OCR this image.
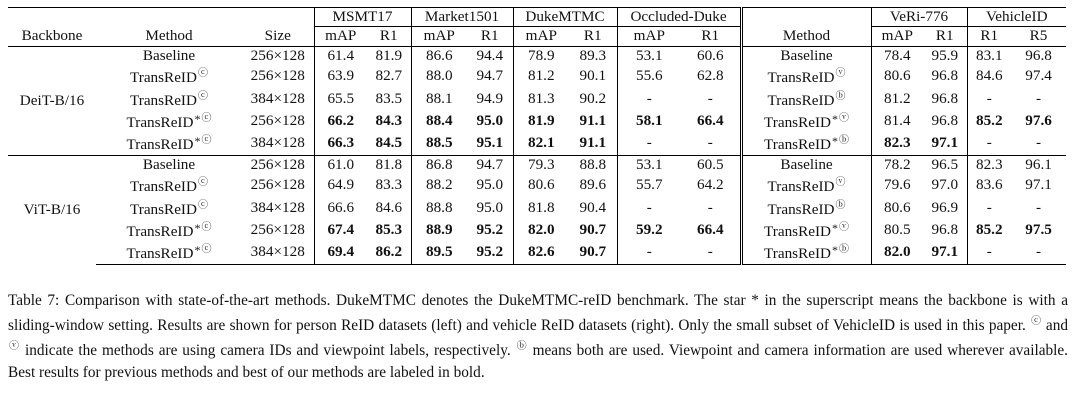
			MSMT17		Market1501		DukeMTMC		Occluded-Duke			VeRi-776		VehicleID	
Backbone	Method	Size	mAP	R1	mAP	R1	mAP	R1	mAP	R1	Method	mAP	R1	R1	R5
DeiT-B/16	Baseline	256×128	61.4	81.9	86.6	94.4	78.9	89.3	53.1	60.6	Baseline	78.4	95.9	83.1	96.8
	TransReIDⓒ	256×128	63.9	82.7	88.0	94.7	81.2	90.1	55.6	62.8	TransReIDⓥ	80.6	96.8	84.6	97.4
	TransReIDⓒ	384×128	65.5	83.5	88.1	94.9	81.3	90.2	-	-	TransReIDⓑ	81.2	96.8	-	-
	TransReID*ⓒ	256×128	66.2	84.3	88.4	95.0	81.9	91.1	58.1	66.4	TransReID*ⓥ	81.4	96.8	85.2	97.6
	TransReID*ⓒ	384×128	66.3	84.5	88.5	95.1	82.1	91.1	-	-	TransReID*ⓑ	82.3	97.1	-	-
ViT-B/16	Baseline	256×128	61.0	81.8	86.8	94.7	79.3	88.8	53.1	60.5	Baseline	78.2	96.5	82.3	96.1
	TransReIDⓒ	256×128	64.9	83.3	88.2	95.0	80.6	89.6	55.7	64.2	TransReIDⓥ	79.6	97.0	83.6	97.1
	TransReIDⓒ	384×128	66.6	84.6	88.8	95.0	81.8	90.4	-	-	TransReIDⓑ	80.6	96.9	-	-
	TransReID*ⓒ	256×128	67.4	85.3	88.9	95.2	82.0	90.7	59.2	66.4	TransReID*ⓥ	80.5	96.8	85.2	97.5
	TransReID*ⓒ	384×128	69.4	86.2	89.5	95.2	82.6	90.7	-	-	TransReID*ⓑ	82.0	97.1	-	-
Table 7: Comparison with state-of-the-art methods. DukeMTMC denotes the DukeMTMC-reID benchmark. The star * in the superscript means the backbone is with a sliding-window setting. Results are shown for person ReID datasets (left) and vehicle ReID datasets (right). Only the small subset of VehicleID is used in this paper. ⓒ and ⓥ indicate the methods are using camera IDs and viewpoint labels, respectively. ⓑ means both are used. Viewpoint and camera information are used wherever available. Best results for previous methods and best of our methods are labeled in bold.
